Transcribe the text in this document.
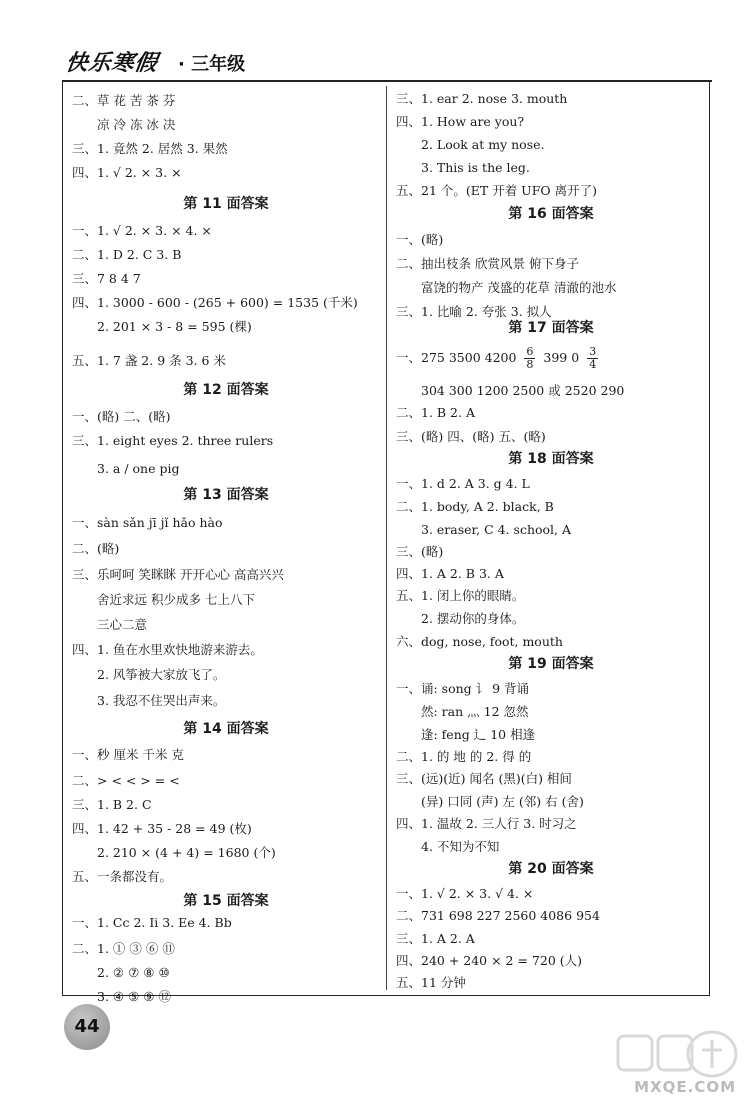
快乐寒假 · 三年级
二、草 花 苦 茶 芬
凉 冷 冻 冰 决
三、1. 竟然 2. 居然 3. 果然
四、1. √ 2. × 3. ×
第 11 面答案
一、1. √ 2. × 3. × 4. ×
二、1. D 2. C 3. B
三、7 8 4 7
四、1. 3000 - 600 - (265 + 600) = 1535 (千米)
2. 201 × 3 - 8 = 595 (棵)
五、1. 7 盏 2. 9 条 3. 6 米
第 12 面答案
一、(略) 二、(略)
三、1. eight eyes 2. three rulers
3. a / one pig
第 13 面答案
一、sàn sǎn jī jǐ hǎo hào
二、(略)
三、乐呵呵 笑眯眯 开开心心 高高兴兴
舍近求远 积少成多 七上八下
三心二意
四、1. 鱼在水里欢快地游来游去。
2. 风筝被大家放飞了。
3. 我忍不住哭出声来。
第 14 面答案
一、秒 厘米 千米 克
二、> < < > = <
三、1. B 2. C
四、1. 42 + 35 - 28 = 49 (枚)
2. 210 × (4 + 4) = 1680 (个)
五、一条都没有。
第 15 面答案
一、1. Cc 2. Ii 3. Ee 4. Bb
二、1. ① ③ ⑥ ⑪
2. ② ⑦ ⑧ ⑩
3. ④ ⑤ ⑨ ⑫
三、1. ear 2. nose 3. mouth
四、1. How are you?
2. Look at my nose.
3. This is the leg.
五、21 个。(ET 开着 UFO 离开了)
第 16 面答案
一、(略)
二、抽出枝条 欣赏风景 俯下身子
富饶的物产 茂盛的花草 清澈的池水
三、1. 比喻 2. 夸张 3. 拟人
第 17 面答案
一、275 3500 $4200 \frac{6}{8} 399$ $0 \frac{3}{4}$
304 300 1200 2500 或 2520 290
二、1. B 2. A
三、(略) 四、(略) 五、(略)
第 18 面答案
一、1. d 2. A 3. g 4. L
二、1. body, A 2. black, B
3. eraser, C 4. school, A
三、(略)
四、1. A 2. B 3. A
五、1. 闭上你的眼睛。
2. 摆动你的身体。
六、dog, nose, foot, mouth
第 19 面答案
一、诵: song 讠 9 背诵
然: ran 灬 12 忽然
逢: feng 辶 10 相逢
二、1. 的 地 的 2. 得 的
三、(远)(近) 闻名 (黑)(白) 相间
(异) 口同 (声) 左 (邻) 右 (舍)
四、1. 温故 2. 三人行 3. 时习之
4. 不知为不知
第 20 面答案
一、1. √ 2. × 3. √ 4. ×
二、731 698 227 2560 4086 954
三、1. A 2. A
四、240 + 240 × 2 = 720 (人)
五、11 分钟
44
MXQE.COM
